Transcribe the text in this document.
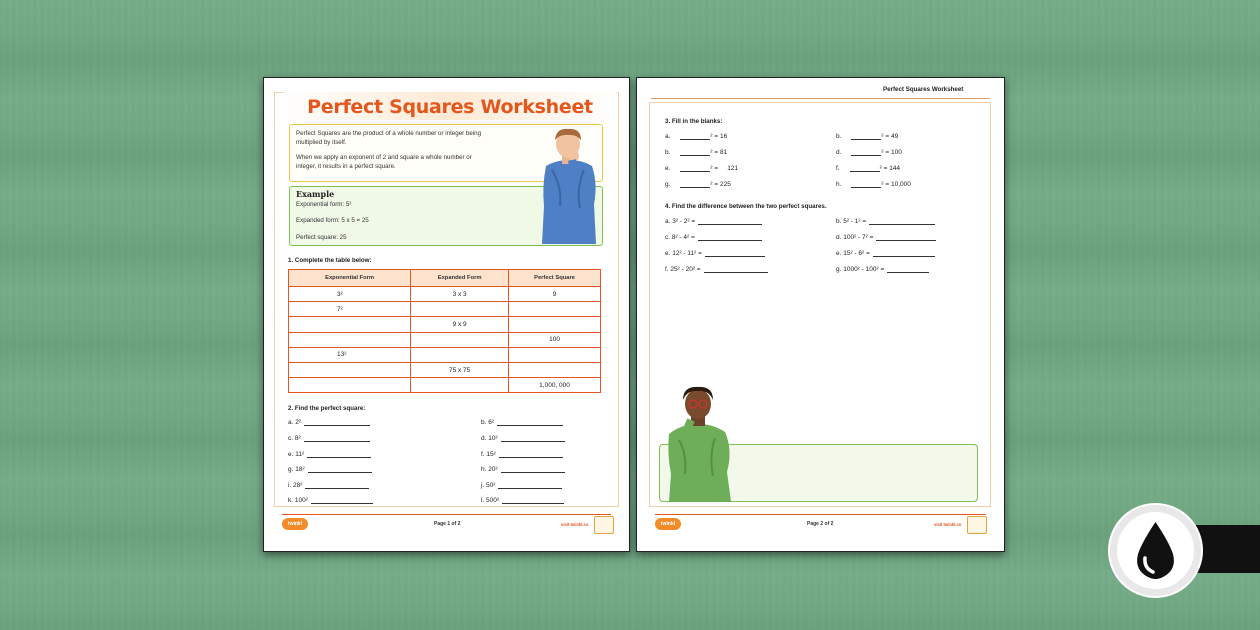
Perfect Squares Worksheet

Perfect Squares are the product of a whole number or integer being

multiplied by itself.

When we apply an exponent of 2 and square a whole number or

integer, it results in a perfect square.

Example
Exponential form: 5²
Expanded form: 5 x 5 = 25
Perfect square: 25
1. Complete the table below:
Exponential Form	Expanded Form	Perfect Square
3²	3 x 3	9
7²		
	9 x 9	
		100
13²		
	75 x 75	
		1,000, 000
2. Find the perfect square:
a. 2²
c. 8²
e. 11²
g. 18²
i. 28²
k. 100²
b. 6²
d. 10²
f. 15²
h. 20²
j. 50²
l. 500²
twinkl	Page 1 of 2	visit twinkl.co
Perfect Squares Worksheet
3. Fill in the blanks:
a.	² = 16
b.	² = 81
e.	² =     121
g.	² = 225
b.	² = 49
d.	² = 100
f.	² = 144
h.	² = 10,000
4. Find the difference between the two perfect squares.
a. 3² - 2² =
c. 8² - 4² =
e. 12² - 11² =
f. 25² - 20² =
b. 5² - 1² =
d. 100² - 7² =
e. 15² - 6² =
g. 1000² - 100² =
twinkl	Page 2 of 2	visit twinkl.co
